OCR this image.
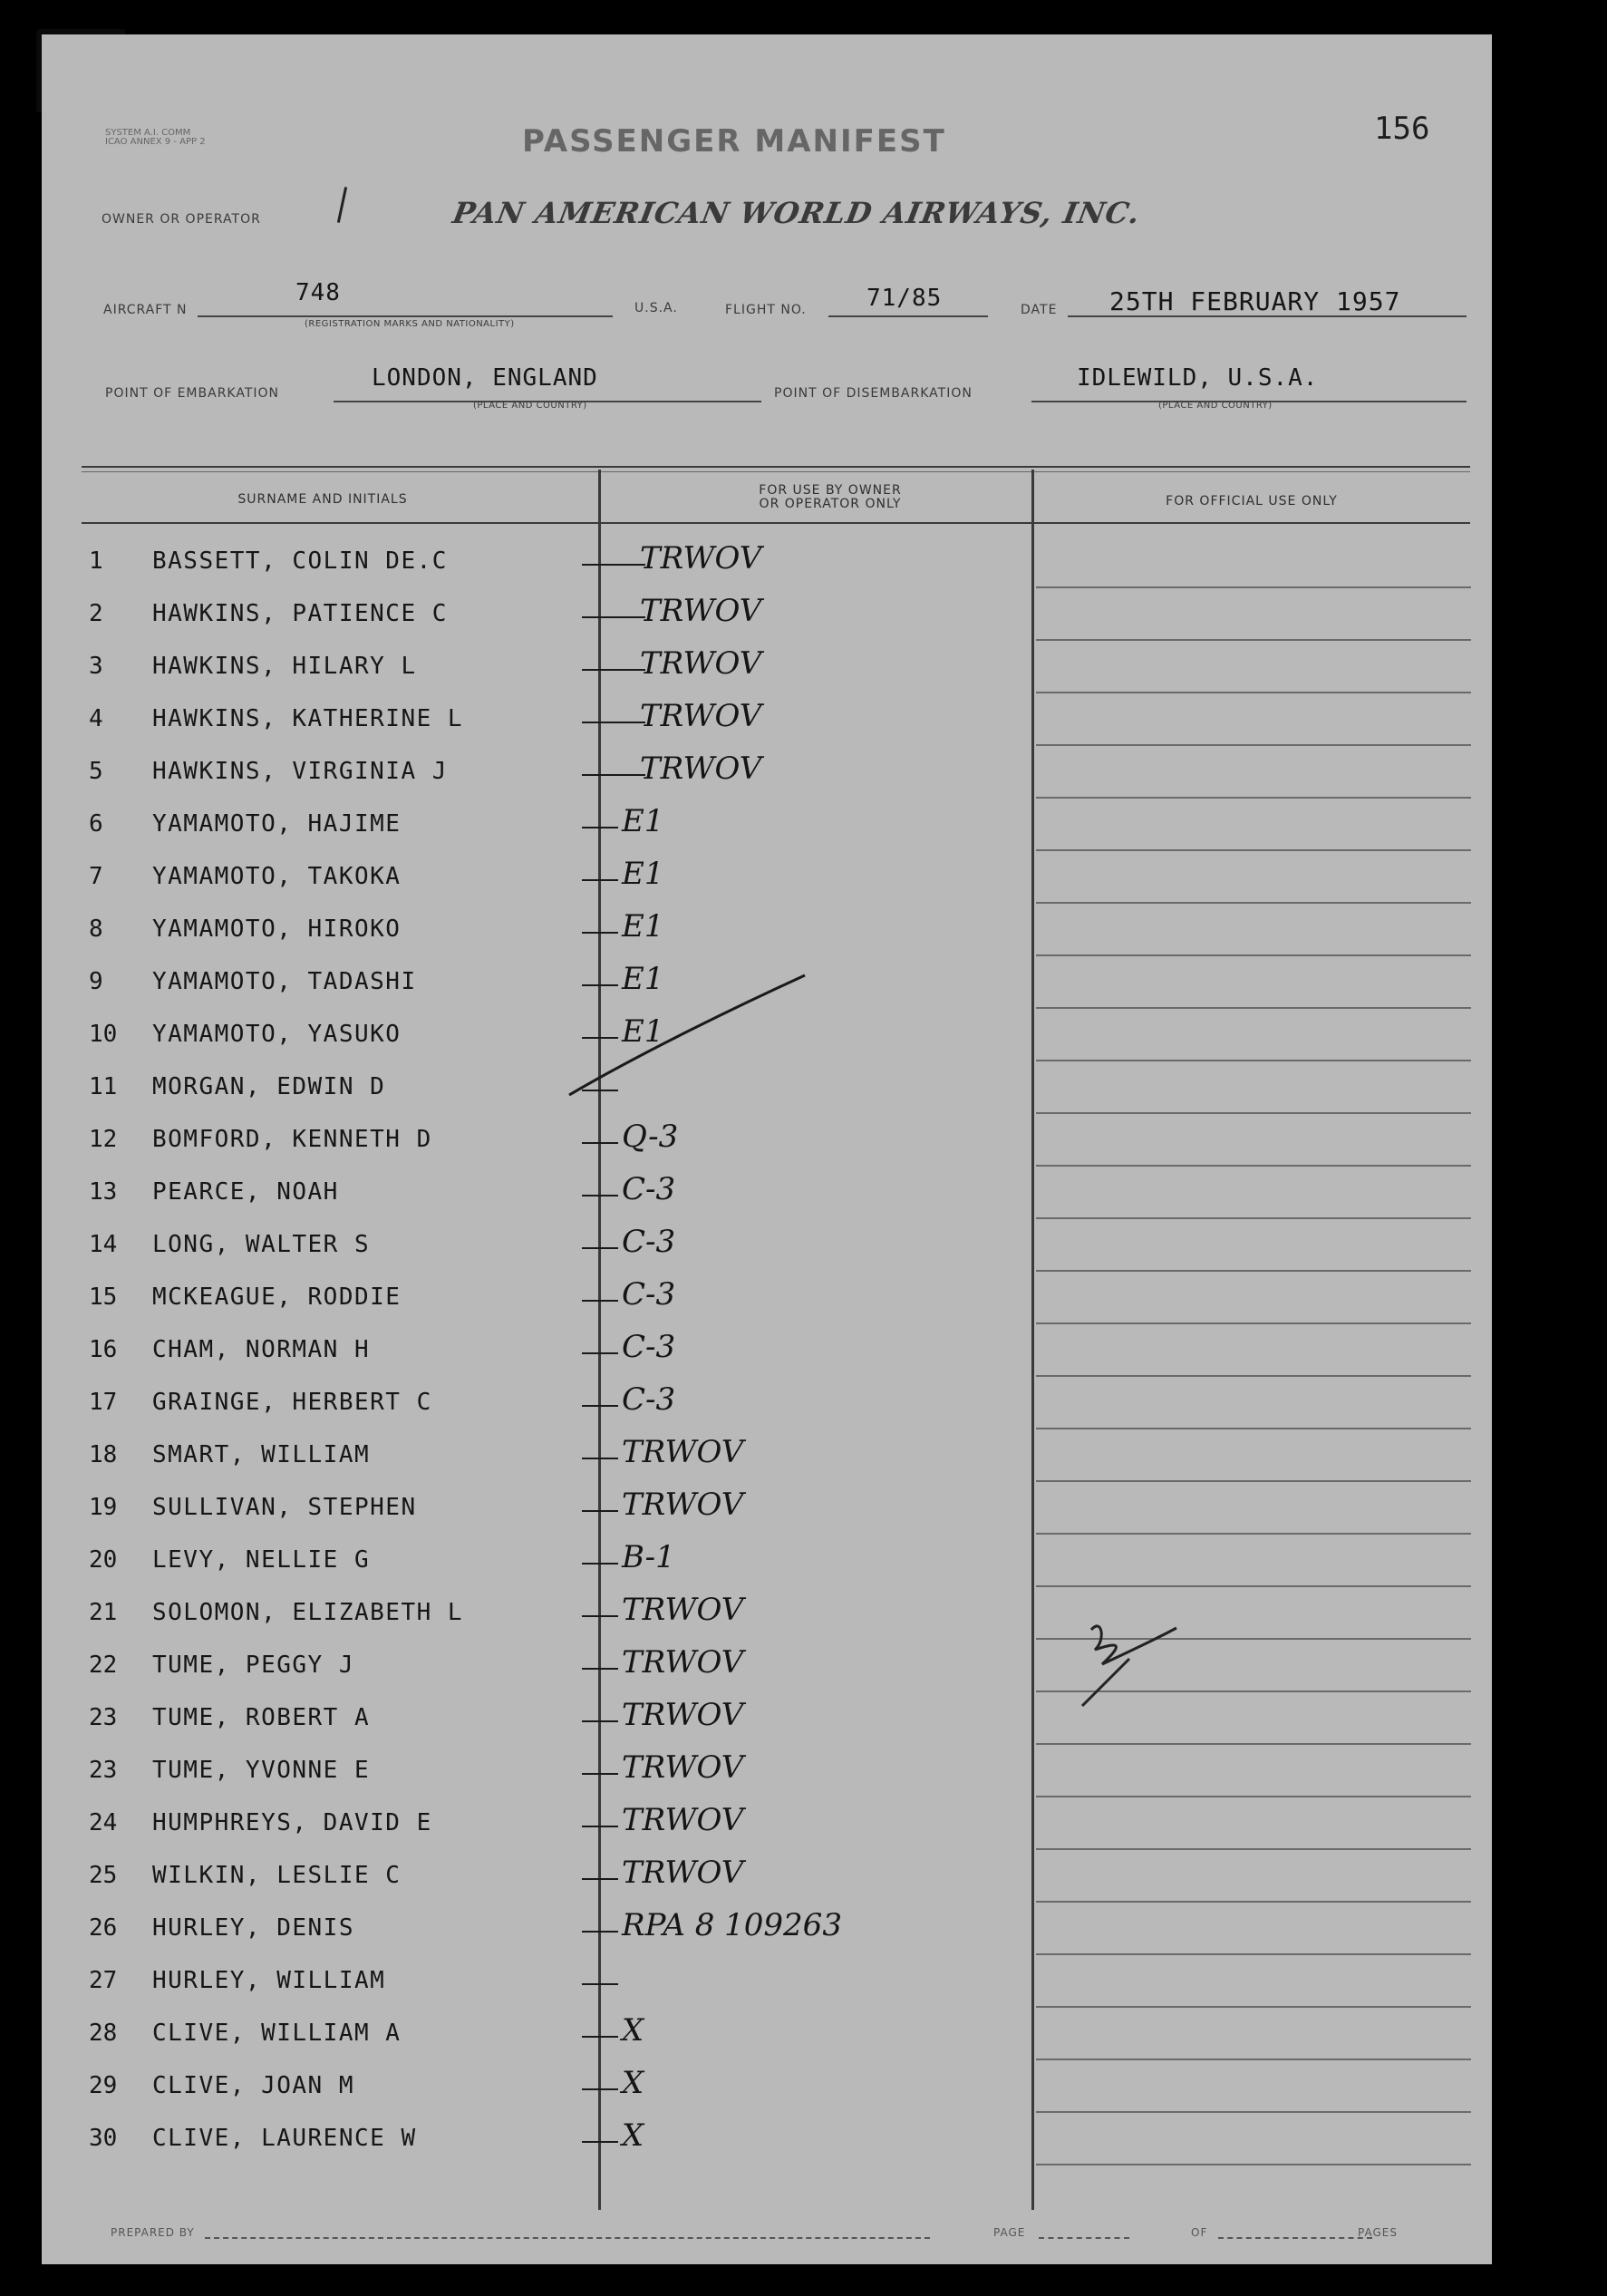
SYSTEM A.I. COMM
ICAO ANNEX 9 - APP 2	PASSENGER MANIFEST	156
OWNER OR OPERATOR	PAN AMERICAN WORLD AIRWAYS, INC.
AIRCRAFT N
748
(REGISTRATION MARKS AND NATIONALITY)
U.S.A.	FLIGHT NO.	71/85	DATE 25TH FEBRUARY 1957
POINT OF EMBARKATION
LONDON, ENGLAND
(PLACE AND COUNTRY)
POINT OF DISEMBARKATION
IDLEWILD, U.S.A.
(PLACE AND COUNTRY)
SURNAME AND INITIALS
FOR USE BY OWNER
OR OPERATOR ONLY	FOR OFFICIAL USE ONLY
1 BASSETT, COLIN DE.C	TRWOV
2 HAWKINS, PATIENCE C	TRWOV
3 HAWKINS, HILARY L	TRWOV
4 HAWKINS, KATHERINE L	TRWOV
5 HAWKINS, VIRGINIA J	TRWOV
6 YAMAMOTO, HAJIME	E1
7 YAMAMOTO, TAKOKA	E1
8 YAMAMOTO, HIROKO	E1
9 YAMAMOTO, TADASHI	E1
10 YAMAMOTO, YASUKO	E1
11 MORGAN, EDWIN D
12 BOMFORD, KENNETH D	Q-3
13 PEARCE, NOAH	C-3
14 LONG, WALTER S	C-3
15 MCKEAGUE, RODDIE	C-3
16 CHAM, NORMAN H	C-3
17 GRAINGE, HERBERT C	C-3
18 SMART, WILLIAM	TRWOV
19 SULLIVAN, STEPHEN	TRWOV
20 LEVY, NELLIE G	B-1
21 SOLOMON, ELIZABETH L	TRWOV
22 TUME, PEGGY J	TRWOV
23 TUME, ROBERT A	TRWOV
23 TUME, YVONNE E	TRWOV
24 HUMPHREYS, DAVID E	TRWOV
25 WILKIN, LESLIE C	TRWOV
26 HURLEY, DENIS	RPA 8 109263
27 HURLEY, WILLIAM
28 CLIVE, WILLIAM A	X
29 CLIVE, JOAN M	X
30 CLIVE, LAURENCE W	X
PREPARED BY	PAGE	OF	PAGES
